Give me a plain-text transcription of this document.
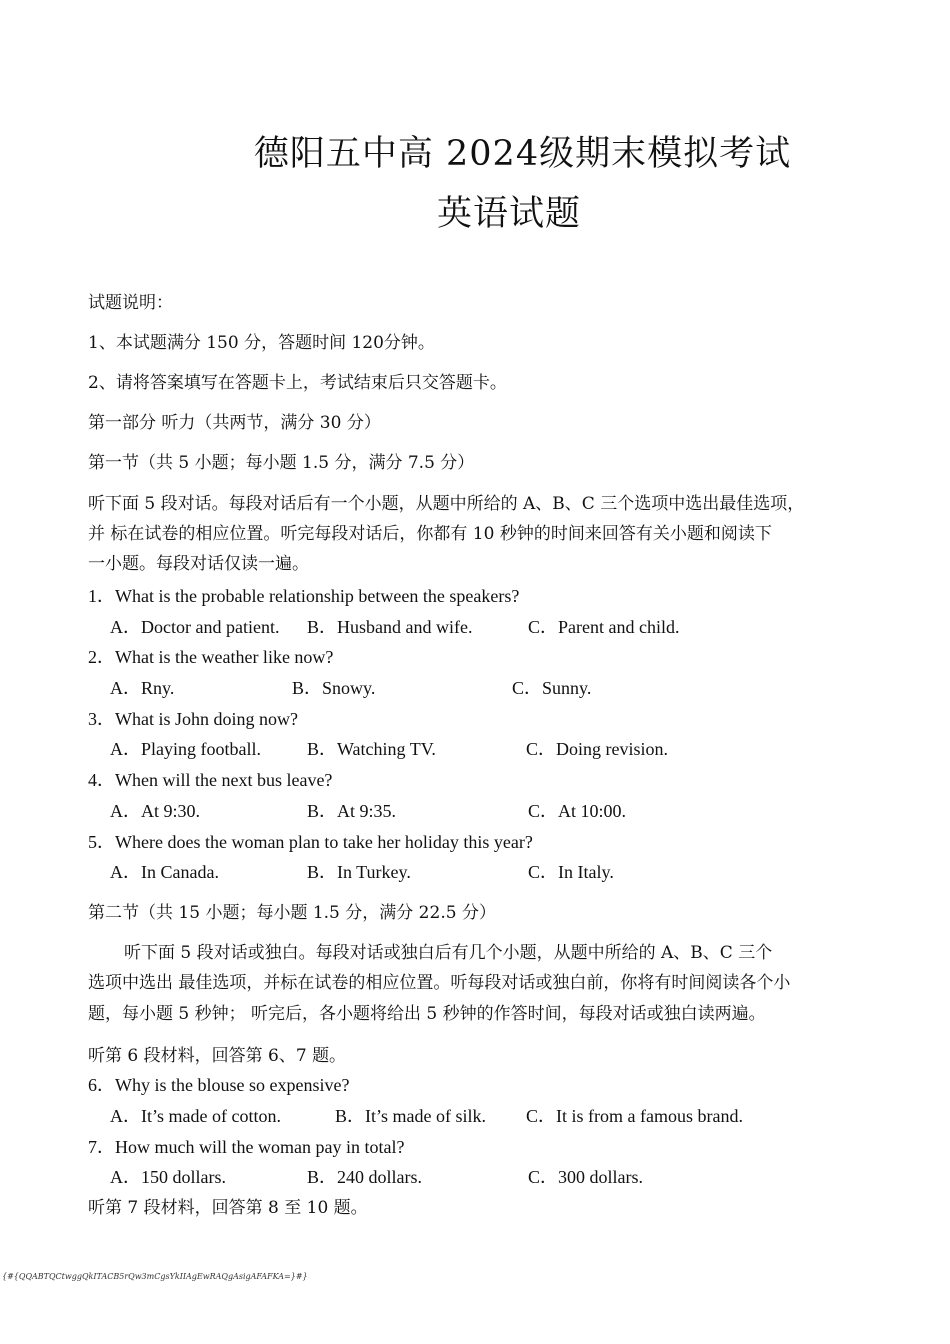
德阳五中高 2024级期末模拟考试
英语试题
试题说明：
1、本试题满分 150 分，答题时间 120分钟。
2、请将答案填写在答题卡上，考试结束后只交答题卡。
第一部分 听力（共两节，满分 30 分）
第一节（共 5 小题；每小题 1.5 分，满分 7.5 分）
听下面 5 段对话。每段对话后有一个小题，从题中所给的 A、B、C 三个选项中选出最佳选项，
并 标在试卷的相应位置。听完每段对话后，你都有 10 秒钟的时间来回答有关小题和阅读下
一小题。每段对话仅读一遍。
1．What is the probable relationship between the speakers?
A．Doctor and patient. B．Husband and wife.	C．Parent and child.
2．What is the weather like now?
A．Rny.	B．Snowy.	C．Sunny.
3．What is John doing now?
A．Playing football.	B．Watching TV.	C．Doing revision.
4．When will the next bus leave?
A．At 9:30.	B．At 9:35.	C．At 10:00.
5．Where does the woman plan to take her holiday this year?
A．In Canada.	B．In Turkey.	C．In Italy.
第二节（共 15 小题；每小题 1.5 分，满分 22.5 分）
听下面 5 段对话或独白。每段对话或独白后有几个小题，从题中所给的 A、B、C 三个
选项中选出 最佳选项，并标在试卷的相应位置。听每段对话或独白前，你将有时间阅读各个小
题，每小题 5 秒钟； 听完后，各小题将给出 5 秒钟的作答时间，每段对话或独白读两遍。
听第 6 段材料，回答第 6、7 题。
6．Why is the blouse so expensive?
A．It’s made of cotton.	B．It’s made of silk. C．It is from a famous brand.
7．How much will the woman pay in total?
A．150 dollars.	B．240 dollars.	C．300 dollars.
听第 7 段材料，回答第 8 至 10 题。
{#{QQABTQCtwggQkITACB5rQw3mCgsYkIIAgEwRAQgAsigAFAFKA=}#}
